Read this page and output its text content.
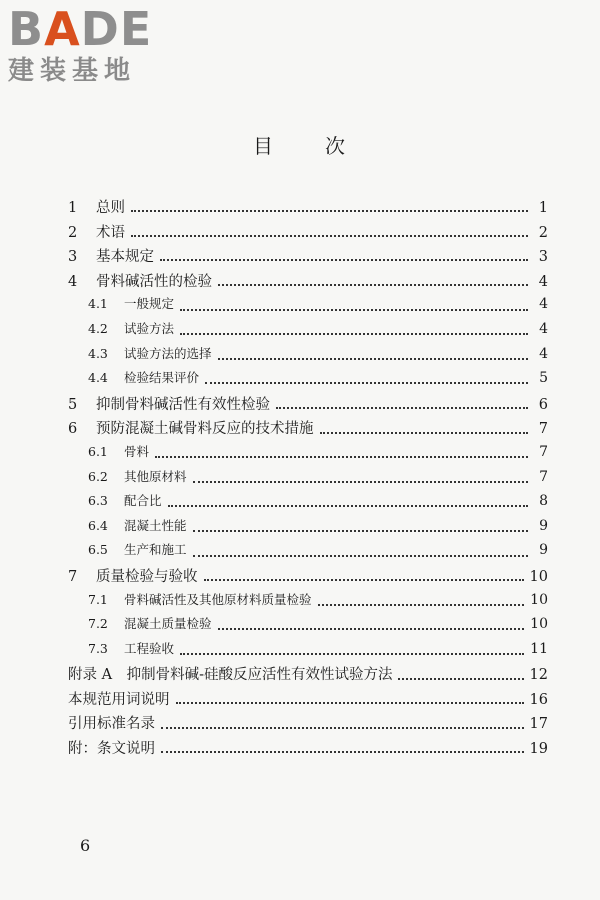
BADE
建装基地
目	次
1	总则	1
2	术语	2
3	基本规定	3
4	骨料碱活性的检验	4
4.1	一般规定	4
4.2	试验方法	4
4.3	试验方法的选择	4
4.4	检验结果评价	5
5	抑制骨料碱活性有效性检验	6
6	预防混凝土碱骨料反应的技术措施	7
6.1	骨料	7
6.2	其他原材料	7
6.3	配合比	8
6.4	混凝土性能	9
6.5	生产和施工	9
7	质量检验与验收	10
7.1	骨料碱活性及其他原材料质量检验	10
7.2	混凝土质量检验	10
7.3	工程验收	11
附录 A　抑制骨料碱-硅酸反应活性有效性试验方法	12
本规范用词说明	16
引用标准名录	17
附：条文说明	19
6
